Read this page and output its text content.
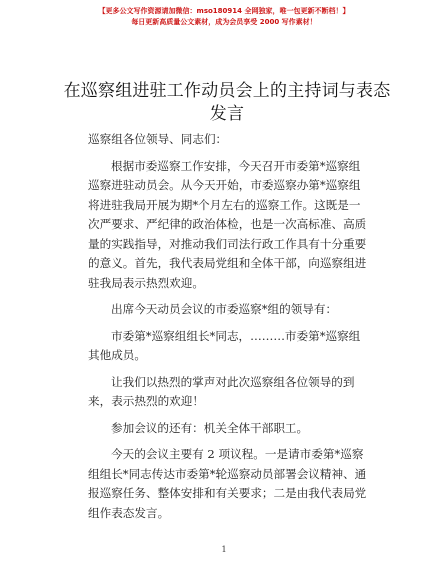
【更多公文写作资源请加微信：mso180914 全网独家，唯一包更新不断档！】
每日更新高质量公文素材，成为会员享受 2000 写作素材！
在巡察组进驻工作动员会上的主持词与表态发言

巡察组各位领导、同志们：

根据市委巡察工作安排，今天召开市委第*巡察组巡察进驻动员会。从今天开始，市委巡察办第*巡察组将进驻我局开展为期*个月左右的巡察工作。这既是一次严要求、严纪律的政治体检，也是一次高标准、高质量的实践指导，对推动我们司法行政工作具有十分重要的意义。首先，我代表局党组和全体干部，向巡察组进驻我局表示热烈欢迎。

出席今天动员会议的市委巡察*组的领导有：

市委第*巡察组组长*同志，………市委第*巡察组其他成员。

让我们以热烈的掌声对此次巡察组各位领导的到来，表示热烈的欢迎！

参加会议的还有：机关全体干部职工。

今天的会议主要有 2 项议程。一是请市委第*巡察组组长*同志传达市委第*轮巡察动员部署会议精神、通报巡察任务、整体安排和有关要求；二是由我代表局党组作表态发言。

1
